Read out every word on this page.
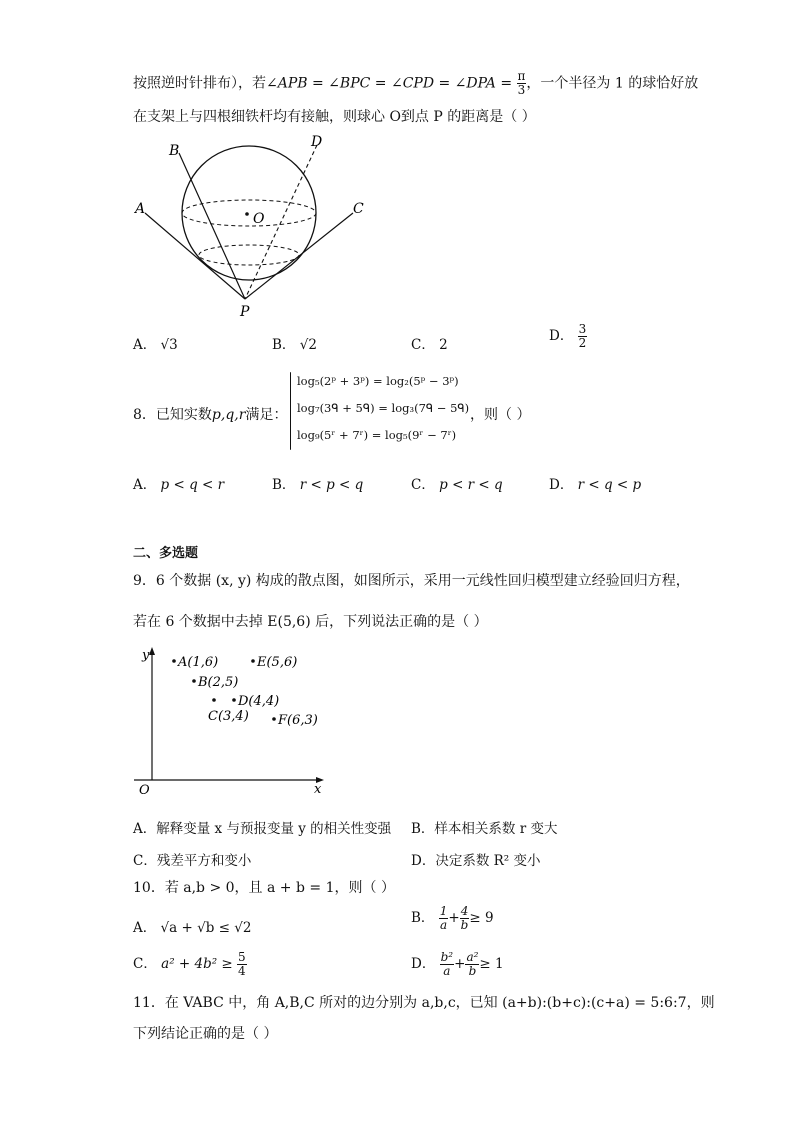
按照逆时针排布），若∠APB = ∠BPC = ∠CPD = ∠DPA = $\frac{\pi}{3}$ ，一个半径为 1 的球恰好放
在支架上与四根细铁杆均有接触，则球心 O到点 P 的距离是（ ）
O
A
B
C
D
P
A． √3	B． √2	C． 2
D． $\frac{3}{2}$
8．已知实数p,q,r满足：
log₅(2ᵖ + 3ᵖ) = log₂(5ᵖ − 3ᵖ)
log₇(3ᑫ + 5ᑫ) = log₃(7ᑫ − 5ᑫ)
log₉(5ʳ + 7ʳ) = log₅(9ʳ − 7ʳ)
，则（ ）
A． p < q < r	B． r < p < q	C． p < r < q	D． r < q < p
二、多选题
9．6 个数据 (x, y) 构成的散点图，如图所示，采用一元线性回归模型建立经验回归方程，
若在 6 个数据中去掉 E(5,6) 后，下列说法正确的是（ ）
y
x
O
A(1,6)	E(5,6)
B(2,5)
D(4,4)
C(3,4) F(6,3)
A．解释变量 x 与预报变量 y 的相关性变强 B．样本相关系数 r 变大
C．残差平方和变小	D．决定系数 R² 变小
10．若 a,b > 0，且 a + b = 1，则（ ）
A． √a + √b ≤ √2
B． $\frac{1}{a} + \frac{4}{b} \ge 9$
C． $a^2 + 4b^2 \ge \frac{5}{4}$	D． $\frac{\text{b²}}{a} + \frac{\text{a²}}{b} \ge 1$
11．在 VABC 中，角 A,B,C 所对的边分别为 a,b,c，已知 (a+b):(b+c):(c+a) = 5:6:7，则
下列结论正确的是（ ）
